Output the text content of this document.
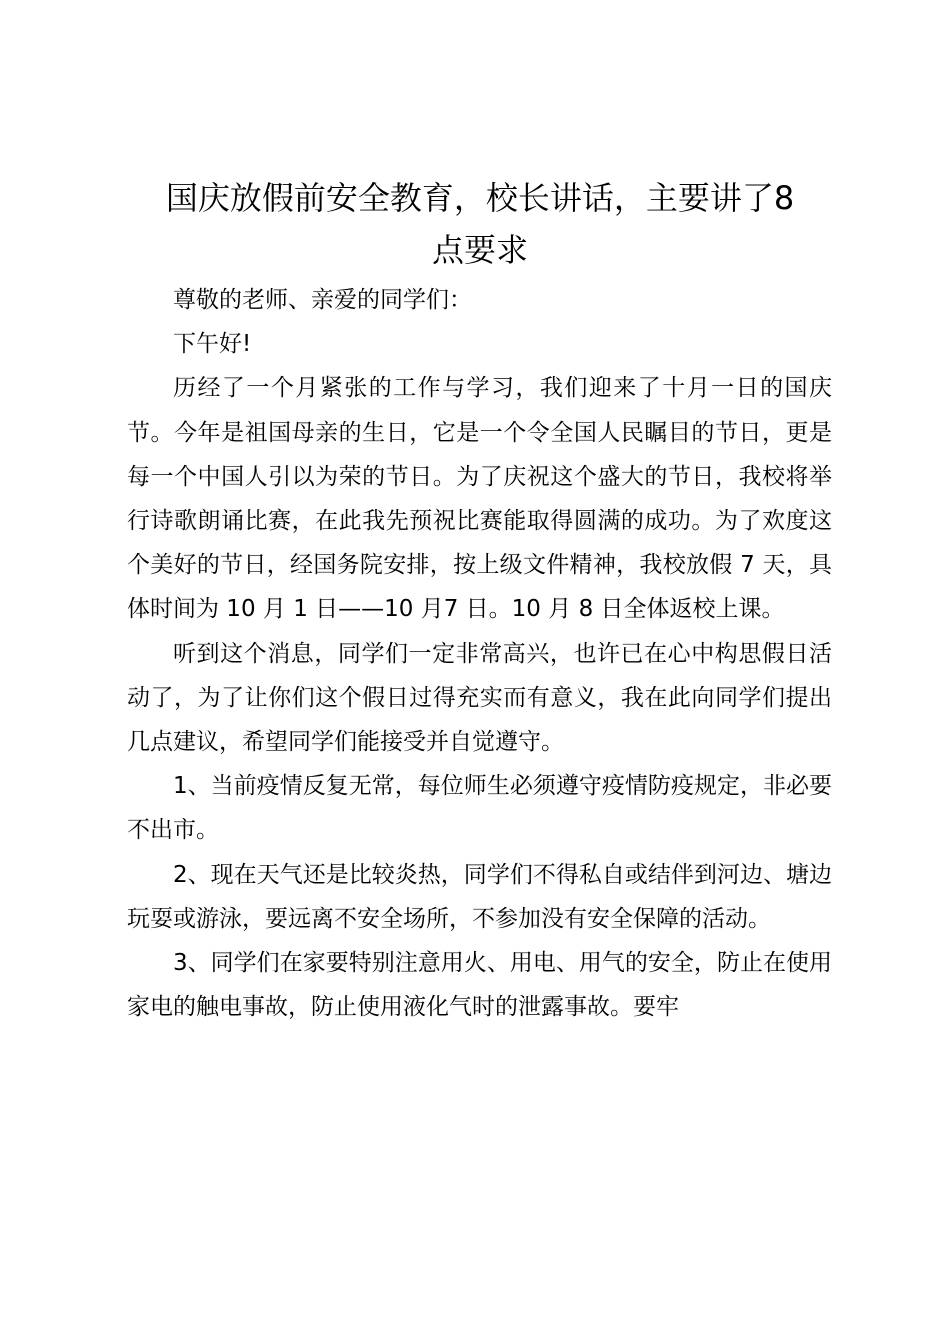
国庆放假前安全教育，校长讲话，主要讲了8
点要求

尊敬的老师、亲爱的同学们：

下午好!

历经了一个月紧张的工作与学习，我们迎来了十月一日的国庆节。今年是祖国母亲的生日，它是一个令全国人民瞩目的节日，更是每一个中国人引以为荣的节日。为了庆祝这个盛大的节日，我校将举行诗歌朗诵比赛，在此我先预祝比赛能取得圆满的成功。为了欢度这个美好的节日，经国务院安排，按上级文件精神，我校放假 7 天，具体时间为 10 月 1 日——10 月7 日。10 月 8 日全体返校上课。

听到这个消息，同学们一定非常高兴，也许已在心中构思假日活动了，为了让你们这个假日过得充实而有意义，我在此向同学们提出几点建议，希望同学们能接受并自觉遵守。

1、当前疫情反复无常，每位师生必须遵守疫情防疫规定，非必要不出市。

2、现在天气还是比较炎热，同学们不得私自或结伴到河边、塘边玩耍或游泳，要远离不安全场所，不参加没有安全保障的活动。

3、同学们在家要特别注意用火、用电、用气的安全，防止在使用家电的触电事故，防止使用液化气时的泄露事故。要牢
